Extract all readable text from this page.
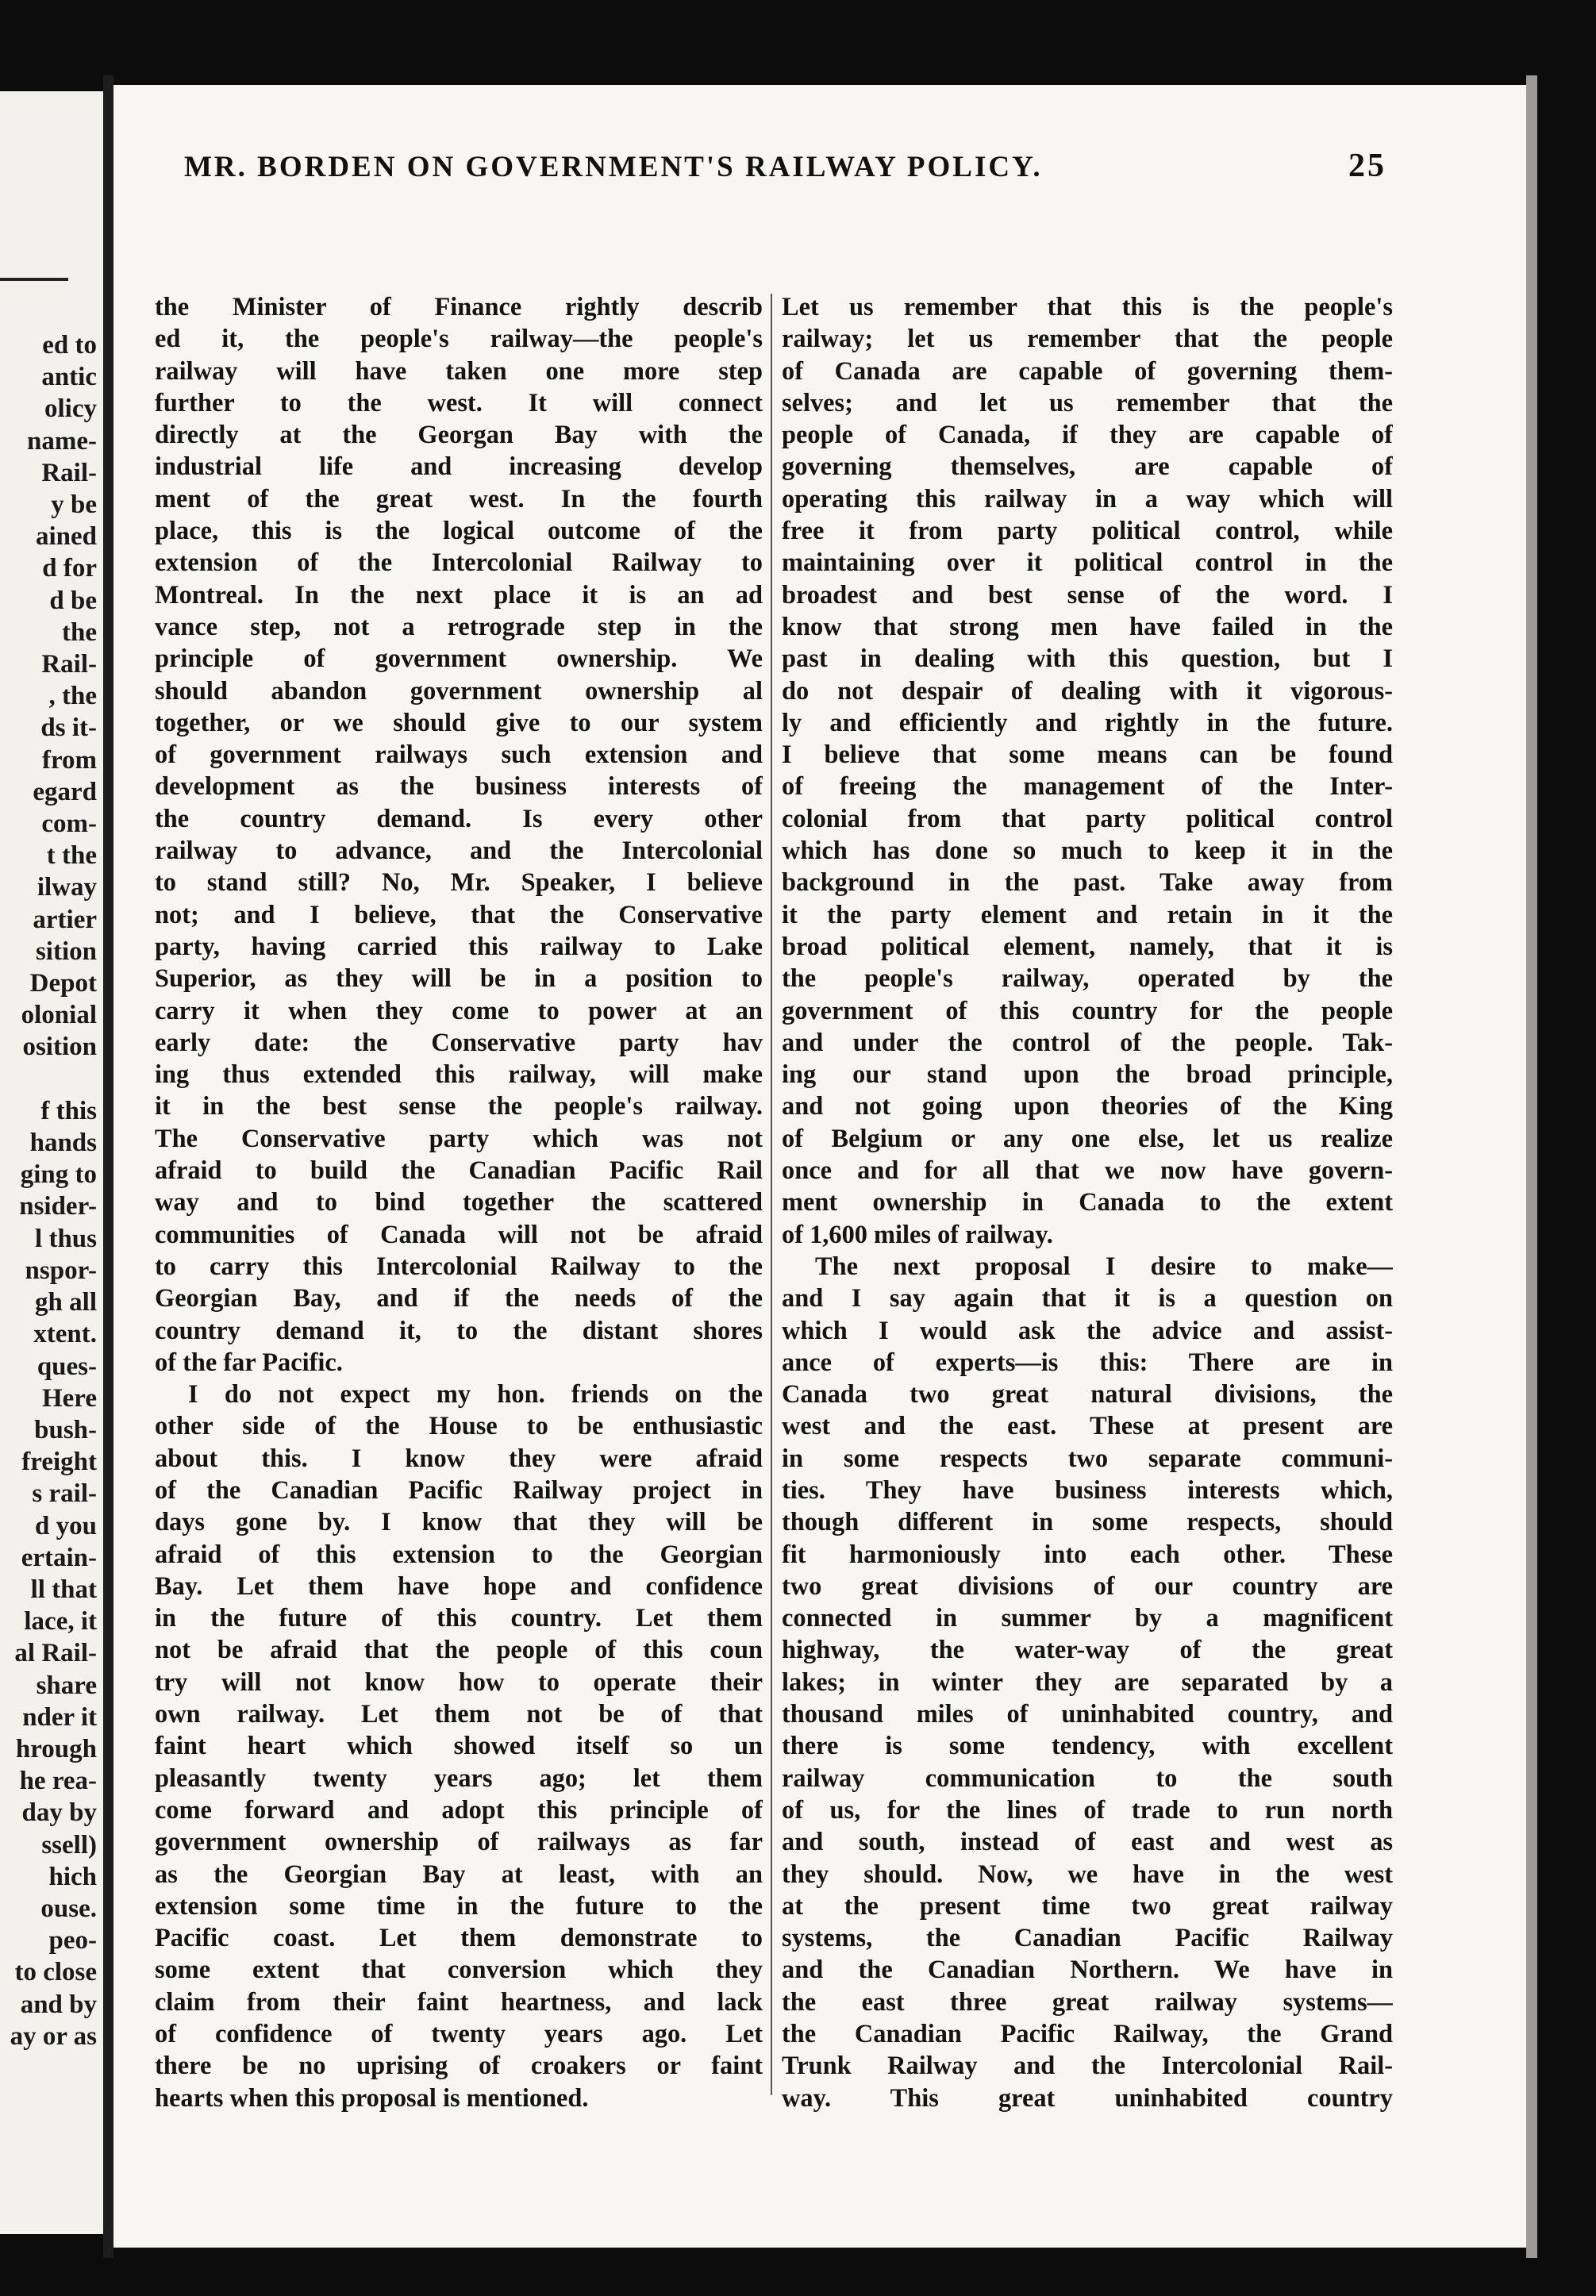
ed to
antic
olicy
name-
Rail-
y be
ained
d for
d be
the
Rail-
, the
ds it-
from
egard
com-
t the
ilway
artier
sition
Depot
olonial
osition

f this
hands
ging to
nsider-
l thus
nspor-
gh all
xtent.
ques-
Here
bush-
freight
s rail-
d you
ertain-
ll that
lace, it
al Rail-
share
nder it
hrough
he rea-
day by
ssell)
hich
ouse.
peo-
to close
and by
ay or as
MR. BORDEN ON GOVERNMENT'S RAILWAY POLICY.	25
the Minister of Finance rightly describ
ed it, the people's railway—the people's
railway will have taken one more step
further to the west. It will connect
directly at the Georgan Bay with the
industrial life and increasing develop
ment of the great west. In the fourth
place, this is the logical outcome of the
extension of the Intercolonial Railway to
Montreal. In the next place it is an ad
vance step, not a retrograde step in the
principle of government ownership. We
should abandon government ownership al
together, or we should give to our system
of government railways such extension and
development as the business interests of
the country demand. Is every other
railway to advance, and the Intercolonial
to stand still? No, Mr. Speaker, I believe
not; and I believe, that the Conservative
party, having carried this railway to Lake
Superior, as they will be in a position to
carry it when they come to power at an
early date: the Conservative party hav
ing thus extended this railway, will make
it in the best sense the people's railway.
The Conservative party which was not
afraid to build the Canadian Pacific Rail
way and to bind together the scattered
communities of Canada will not be afraid
to carry this Intercolonial Railway to the
Georgian Bay, and if the needs of the
country demand it, to the distant shores
of the far Pacific.
I do not expect my hon. friends on the
other side of the House to be enthusiastic
about this. I know they were afraid
of the Canadian Pacific Railway project in
days gone by. I know that they will be
afraid of this extension to the Georgian
Bay. Let them have hope and confidence
in the future of this country. Let them
not be afraid that the people of this coun
try will not know how to operate their
own railway. Let them not be of that
faint heart which showed itself so un
pleasantly twenty years ago; let them
come forward and adopt this principle of
government ownership of railways as far
as the Georgian Bay at least, with an
extension some time in the future to the
Pacific coast. Let them demonstrate to
some extent that conversion which they
claim from their faint heartness, and lack
of confidence of twenty years ago. Let
there be no uprising of croakers or faint
hearts when this proposal is mentioned.
Let us remember that this is the people's
railway; let us remember that the people
of Canada are capable of governing them-
selves; and let us remember that the
people of Canada, if they are capable of
governing themselves, are capable of
operating this railway in a way which will
free it from party political control, while
maintaining over it political control in the
broadest and best sense of the word. I
know that strong men have failed in the
past in dealing with this question, but I
do not despair of dealing with it vigorous-
ly and efficiently and rightly in the future.
I believe that some means can be found
of freeing the management of the Inter-
colonial from that party political control
which has done so much to keep it in the
background in the past. Take away from
it the party element and retain in it the
broad political element, namely, that it is
the people's railway, operated by the
government of this country for the people
and under the control of the people. Tak-
ing our stand upon the broad principle,
and not going upon theories of the King
of Belgium or any one else, let us realize
once and for all that we now have govern-
ment ownership in Canada to the extent
of 1,600 miles of railway.
The next proposal I desire to make—
and I say again that it is a question on
which I would ask the advice and assist-
ance of experts—is this: There are in
Canada two great natural divisions, the
west and the east. These at present are
in some respects two separate communi-
ties. They have business interests which,
though different in some respects, should
fit harmoniously into each other. These
two great divisions of our country are
connected in summer by a magnificent
highway, the water-way of the great
lakes; in winter they are separated by a
thousand miles of uninhabited country, and
there is some tendency, with excellent
railway communication to the south
of us, for the lines of trade to run north
and south, instead of east and west as
they should. Now, we have in the west
at the present time two great railway
systems, the Canadian Pacific Railway
and the Canadian Northern. We have in
the east three great railway systems—
the Canadian Pacific Railway, the Grand
Trunk Railway and the Intercolonial Rail-
way. This great uninhabited country
